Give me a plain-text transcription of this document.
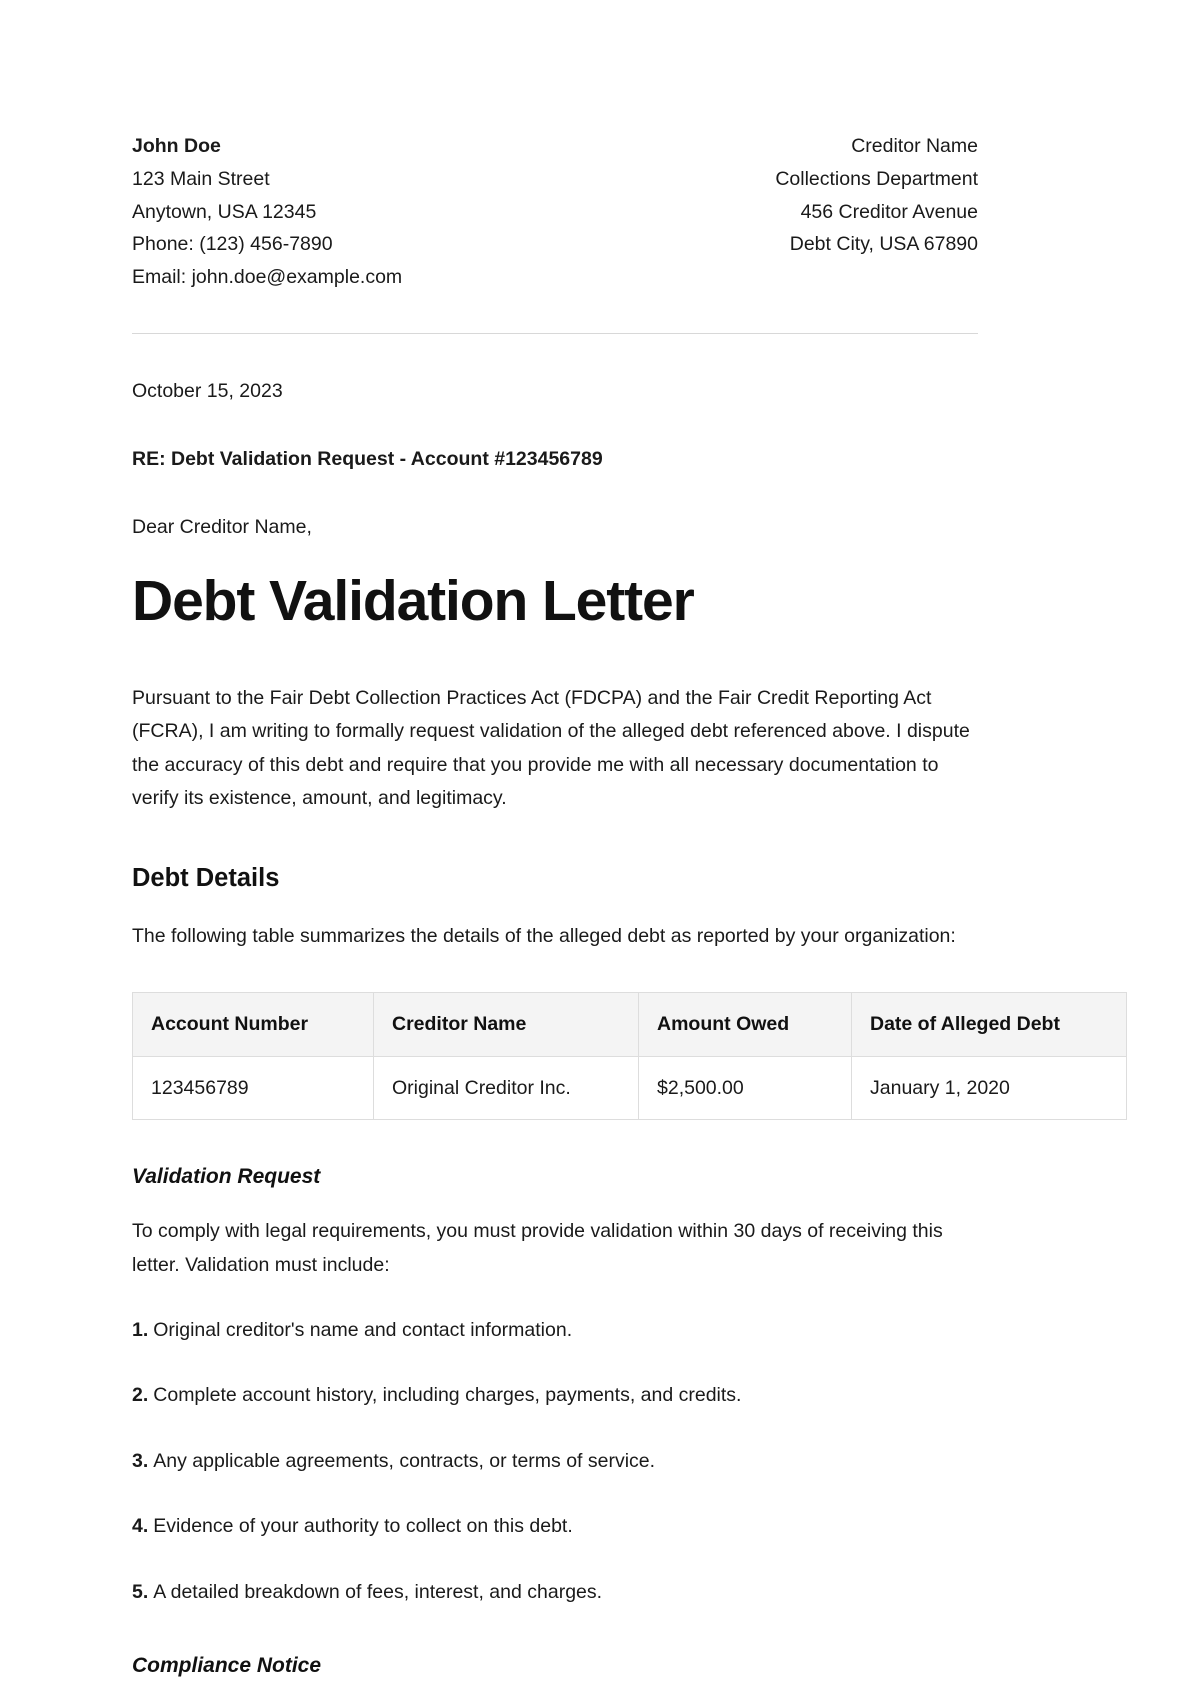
John Doe
123 Main Street
Anytown, USA 12345
Phone: (123) 456-7890
Email: john.doe@example.com
Creditor Name
Collections Department
456 Creditor Avenue
Debt City, USA 67890
October 15, 2023
RE: Debt Validation Request - Account #123456789
Dear Creditor Name,
Debt Validation Letter

Pursuant to the Fair Debt Collection Practices Act (FDCPA) and the Fair Credit Reporting Act (FCRA), I am writing to formally request validation of the alleged debt referenced above. I dispute the accuracy of this debt and require that you provide me with all necessary documentation to verify its existence, amount, and legitimacy.

Debt Details

The following table summarizes the details of the alleged debt as reported by your organization:

Account Number	Creditor Name	Amount Owed	Date of Alleged Debt
123456789	Original Creditor Inc.	$2,500.00	January 1, 2020
Validation Request

To comply with legal requirements, you must provide validation within 30 days of receiving this letter. Validation must include:

1. Original creditor's name and contact information.
2. Complete account history, including charges, payments, and credits.
3. Any applicable agreements, contracts, or terms of service.
4. Evidence of your authority to collect on this debt.
5. A detailed breakdown of fees, interest, and charges.
Compliance Notice
